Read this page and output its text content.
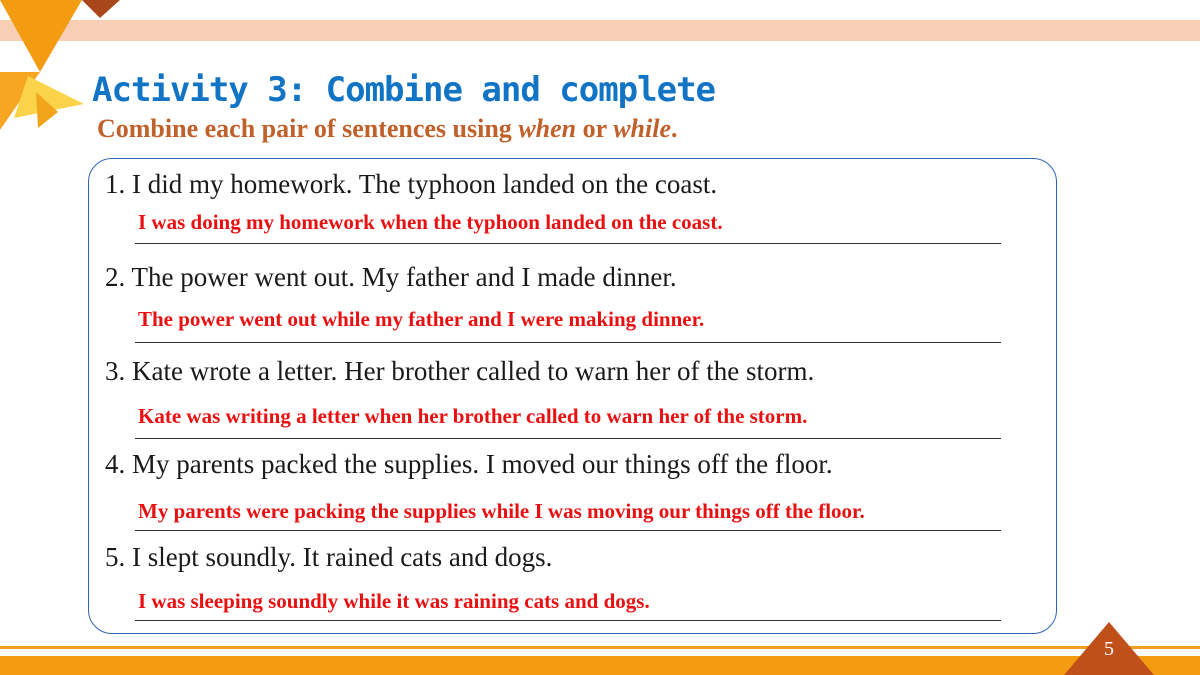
Activity 3: Combine and complete

Combine each pair of sentences using when or while.

1. I did my homework. The typhoon landed on the coast.
I was doing my homework when the typhoon landed on the coast.
2. The power went out. My father and I made dinner.
The power went out while my father and I were making dinner.
3. Kate wrote a letter. Her brother called to warn her of the storm.
Kate was writing a letter when her brother called to warn her of the storm.
4. My parents packed the supplies. I moved our things off the floor.
My parents were packing the supplies while I was moving our things off the floor.
5. I slept soundly. It rained cats and dogs.
I was sleeping soundly while it was raining cats and dogs.
5
